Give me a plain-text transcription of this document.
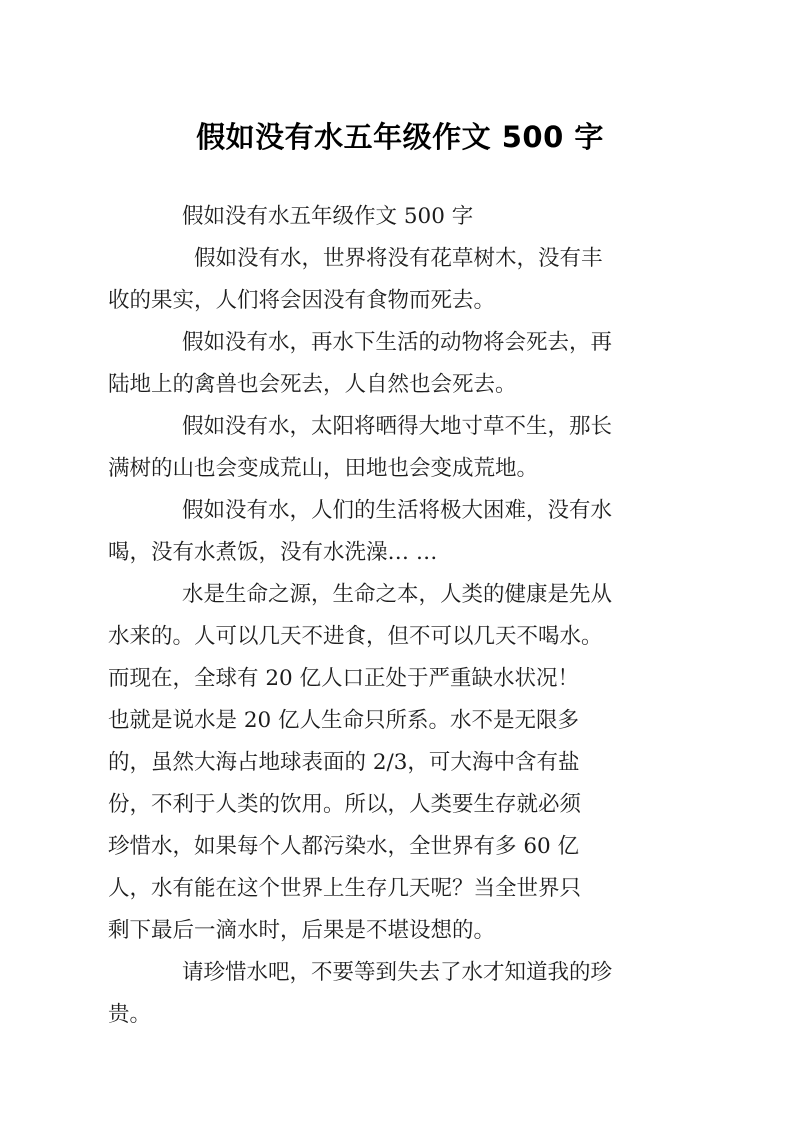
假如没有水五年级作文 500 字
假如没有水五年级作文 500 字
假如没有水，世界将没有花草树木，没有丰
收的果实，人们将会因没有食物而死去。
假如没有水，再水下生活的动物将会死去，再
陆地上的禽兽也会死去，人自然也会死去。
假如没有水，太阳将晒得大地寸草不生，那长
满树的山也会变成荒山，田地也会变成荒地。
假如没有水，人们的生活将极大困难，没有水
喝，没有水煮饭，没有水洗澡… …
水是生命之源，生命之本，人类的健康是先从
水来的。人可以几天不进食，但不可以几天不喝水。
而现在，全球有 20 亿人口正处于严重缺水状况！
也就是说水是 20 亿人生命只所系。水不是无限多
的，虽然大海占地球表面的 2/3，可大海中含有盐
份，不利于人类的饮用。所以，人类要生存就必须
珍惜水，如果每个人都污染水，全世界有多 60 亿
人，水有能在这个世界上生存几天呢？当全世界只
剩下最后一滴水时，后果是不堪设想的。
请珍惜水吧，不要等到失去了水才知道我的珍
贵。
